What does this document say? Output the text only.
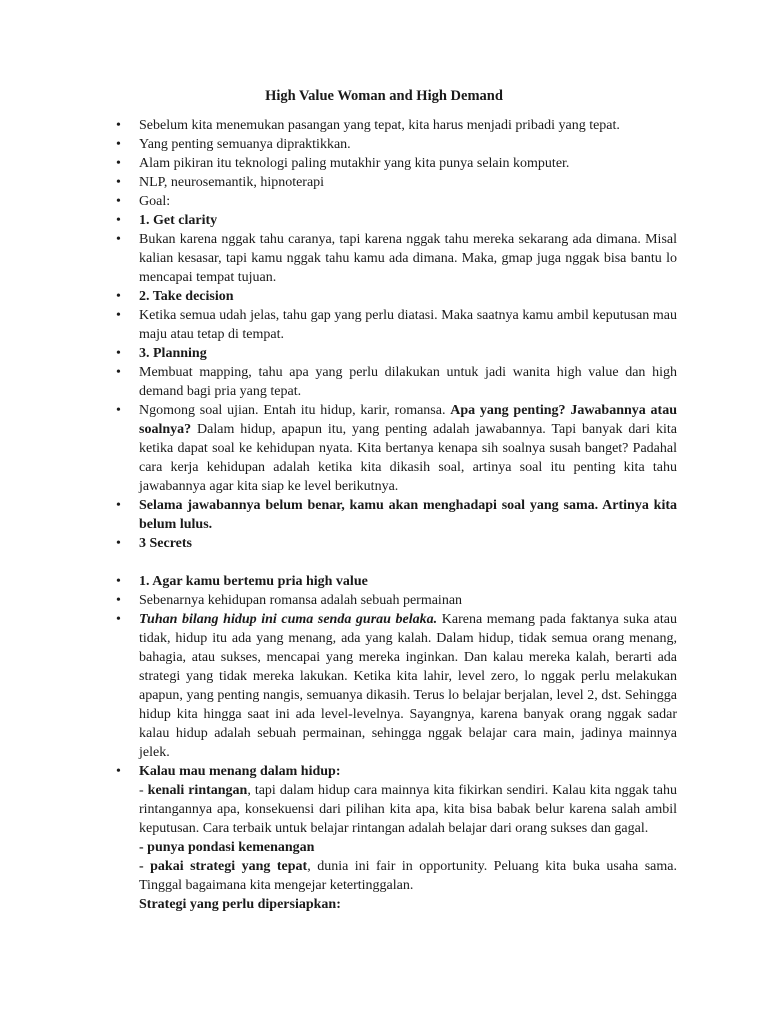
High Value Woman and High Demand
• Sebelum kita menemukan pasangan yang tepat, kita harus menjadi pribadi yang tepat.
• Yang penting semuanya dipraktikkan.
• Alam pikiran itu teknologi paling mutakhir yang kita punya selain komputer.
• NLP, neurosemantik, hipnoterapi
• Goal:
• 1. Get clarity
• Bukan karena nggak tahu caranya, tapi karena nggak tahu mereka sekarang ada dimana. Misal kalian kesasar, tapi kamu nggak tahu kamu ada dimana. Maka, gmap juga nggak bisa bantu lo mencapai tempat tujuan.
• 2. Take decision
• Ketika semua udah jelas, tahu gap yang perlu diatasi. Maka saatnya kamu ambil keputusan mau maju atau tetap di tempat.
• 3. Planning
• Membuat mapping, tahu apa yang perlu dilakukan untuk jadi wanita high value dan high demand bagi pria yang tepat.
• Ngomong soal ujian. Entah itu hidup, karir, romansa. Apa yang penting? Jawabannya atau soalnya? Dalam hidup, apapun itu, yang penting adalah jawabannya. Tapi banyak dari kita ketika dapat soal ke kehidupan nyata. Kita bertanya kenapa sih soalnya susah banget? Padahal cara kerja kehidupan adalah ketika kita dikasih soal, artinya soal itu penting kita tahu jawabannya agar kita siap ke level berikutnya.
• Selama jawabannya belum benar, kamu akan menghadapi soal yang sama. Artinya kita belum lulus.
• 3 Secrets
• 1. Agar kamu bertemu pria high value
• Sebenarnya kehidupan romansa adalah sebuah permainan
• Tuhan bilang hidup ini cuma senda gurau belaka. Karena memang pada faktanya suka atau tidak, hidup itu ada yang menang, ada yang kalah. Dalam hidup, tidak semua orang menang, bahagia, atau sukses, mencapai yang mereka inginkan. Dan kalau mereka kalah, berarti ada strategi yang tidak mereka lakukan. Ketika kita lahir, level zero, lo nggak perlu melakukan apapun, yang penting nangis, semuanya dikasih. Terus lo belajar berjalan, level 2, dst. Sehingga hidup kita hingga saat ini ada level-levelnya. Sayangnya, karena banyak orang nggak sadar kalau hidup adalah sebuah permainan, sehingga nggak belajar cara main, jadinya mainnya jelek.
• Kalau mau menang dalam hidup:
- kenali rintangan, tapi dalam hidup cara mainnya kita fikirkan sendiri. Kalau kita nggak tahu rintangannya apa, konsekuensi dari pilihan kita apa, kita bisa babak belur karena salah ambil keputusan. Cara terbaik untuk belajar rintangan adalah belajar dari orang sukses dan gagal.
- punya pondasi kemenangan
- pakai strategi yang tepat, dunia ini fair in opportunity. Peluang kita buka usaha sama. Tinggal bagaimana kita mengejar ketertinggalan.
Strategi yang perlu dipersiapkan:
